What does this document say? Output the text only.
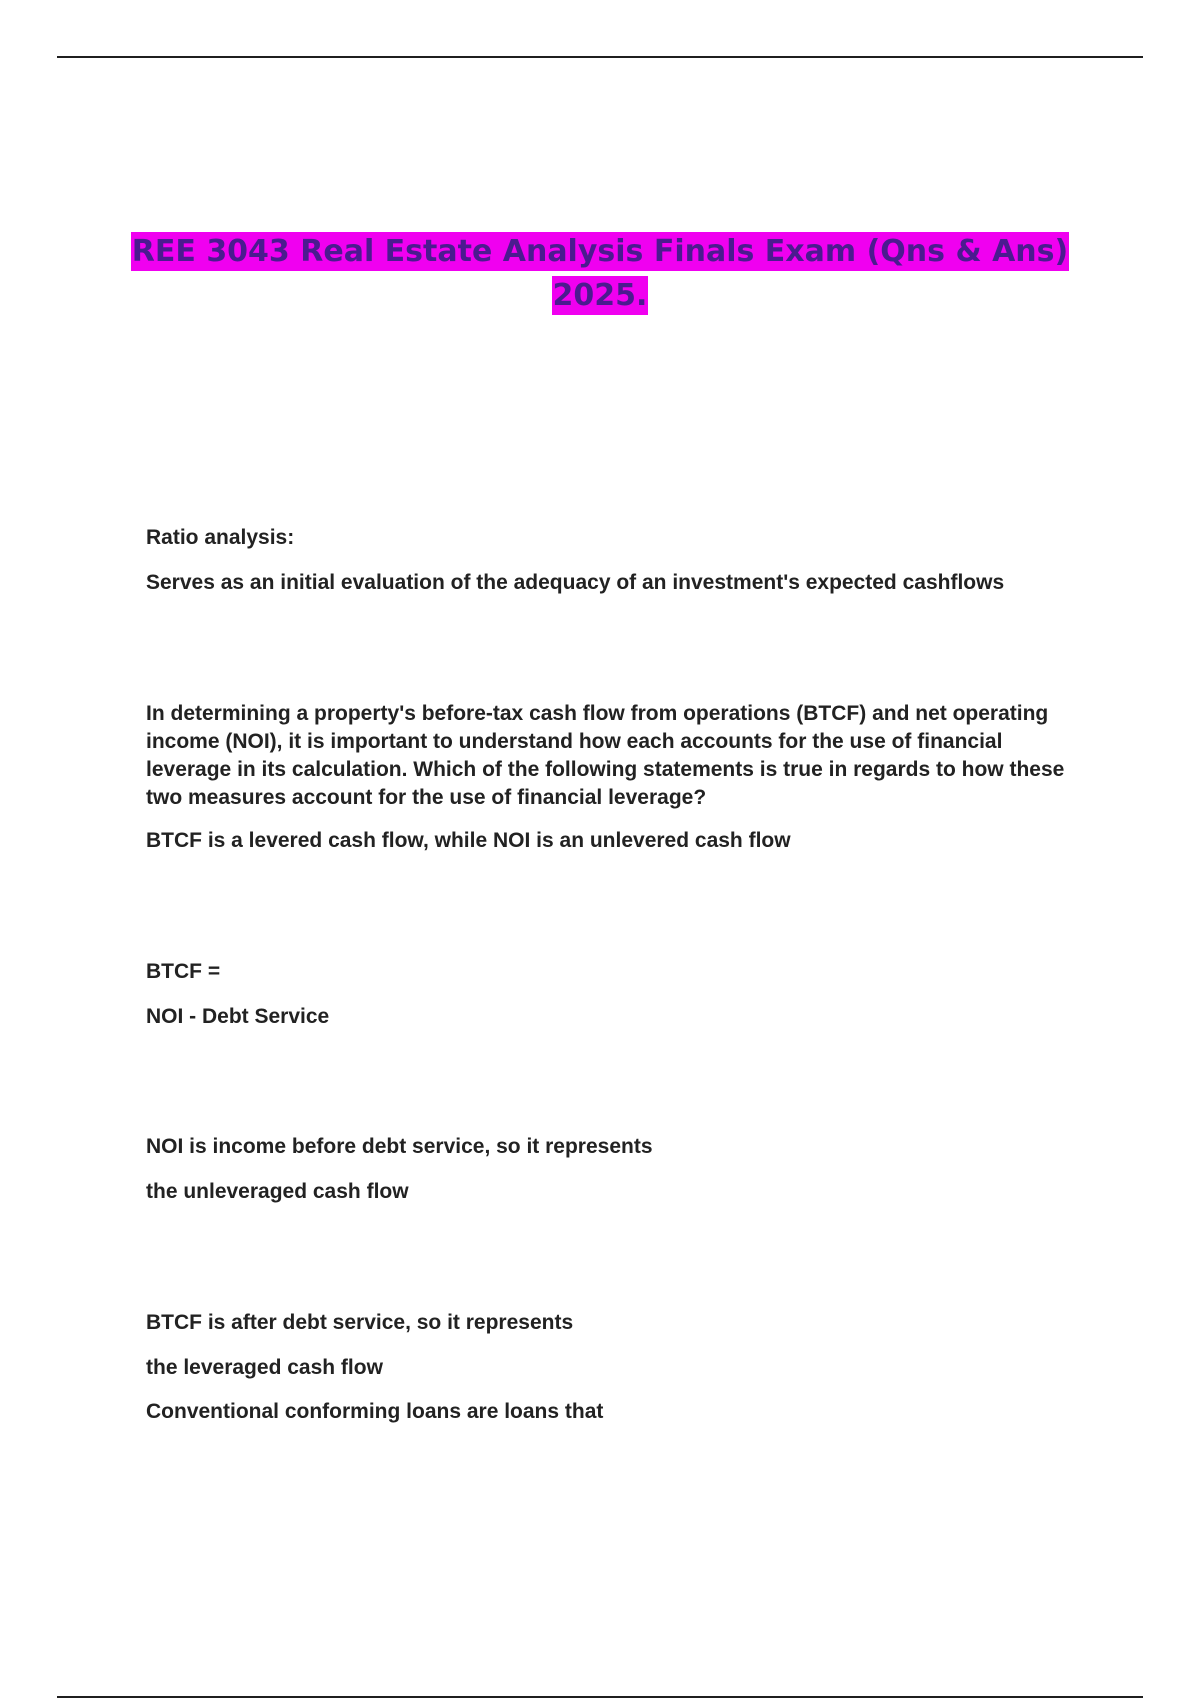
REE 3043 Real Estate Analysis Finals Exam (Qns & Ans)
2025.
Ratio analysis:
Serves as an initial evaluation of the adequacy of an investment's expected cashflows
In determining a property's before-tax cash flow from operations (BTCF) and net operating income (NOI), it is important to understand how each accounts for the use of financial leverage in its calculation. Which of the following statements is true in regards to how these two measures account for the use of financial leverage?
BTCF is a levered cash flow, while NOI is an unlevered cash flow
BTCF =
NOI - Debt Service
NOI is income before debt service, so it represents
the unleveraged cash flow
BTCF is after debt service, so it represents
the leveraged cash flow
Conventional conforming loans are loans that
